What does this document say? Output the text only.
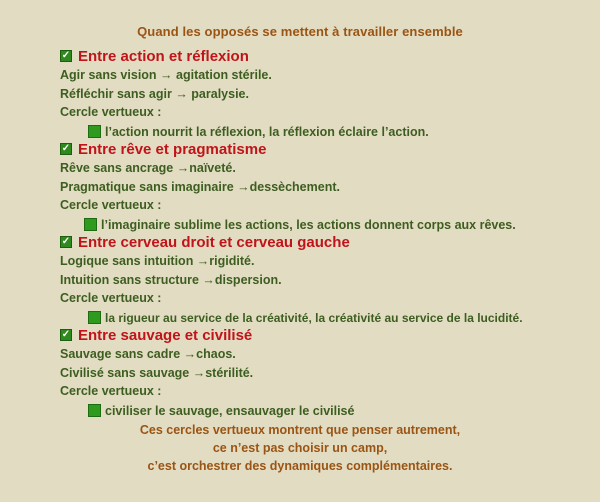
Quand les opposés se mettent à travailler ensemble
✓ Entre action et réflexion
Agir sans vision → agitation stérile.
Réfléchir sans agir → paralysie.
Cercle vertueux :
l’action nourrit la réflexion, la réflexion éclaire l’action.
✓ Entre rêve et pragmatisme
Rêve sans ancrage →naïveté.
Pragmatique sans imaginaire →dessèchement.
Cercle vertueux :
l’imaginaire sublime les actions, les actions donnent corps aux rêves.
✓ Entre cerveau droit et cerveau gauche
Logique sans intuition →rigidité.
Intuition sans structure →dispersion.
Cercle vertueux :
la rigueur au service de la créativité, la créativité au service de la lucidité.
✓ Entre sauvage et civilisé
Sauvage sans cadre →chaos.
Civilisé sans sauvage →stérilité.
Cercle vertueux :
civiliser le sauvage, ensauvager le civilisé
Ces cercles vertueux montrent que penser autrement,
ce n’est pas choisir un camp,
c’est orchestrer des dynamiques complémentaires.
